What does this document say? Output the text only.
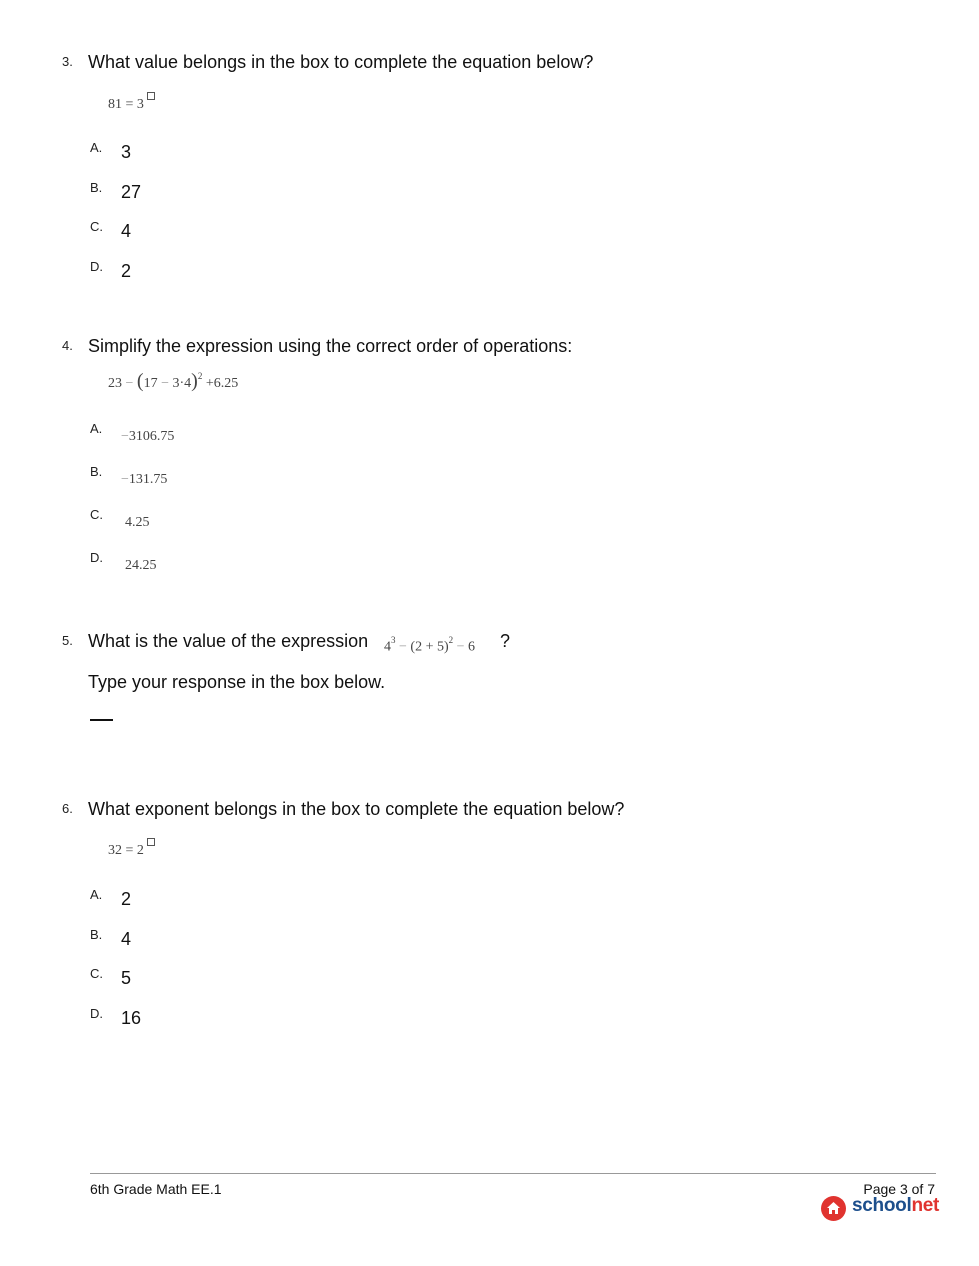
3. What value belongs in the box to complete the equation below?
81 = 3
A. 3
B. 27
C. 4
D. 2
4. Simplify the expression using the correct order of operations:
$23 - (17 - 3\cdot 4)^2 +6.25$
A.
−3106.75
B.
−131.75
C.
4.25
D.
24.25
5. What is the value of the expression $4^3 - (2 + 5)^2 - 6$ ?
Type your response in the box below.
6. What exponent belongs in the box to complete the equation below?
32 = 2
A. 2
B. 4
C. 5
D. 16
6th Grade Math EE.1	Page 3 of 7
schoolnet
